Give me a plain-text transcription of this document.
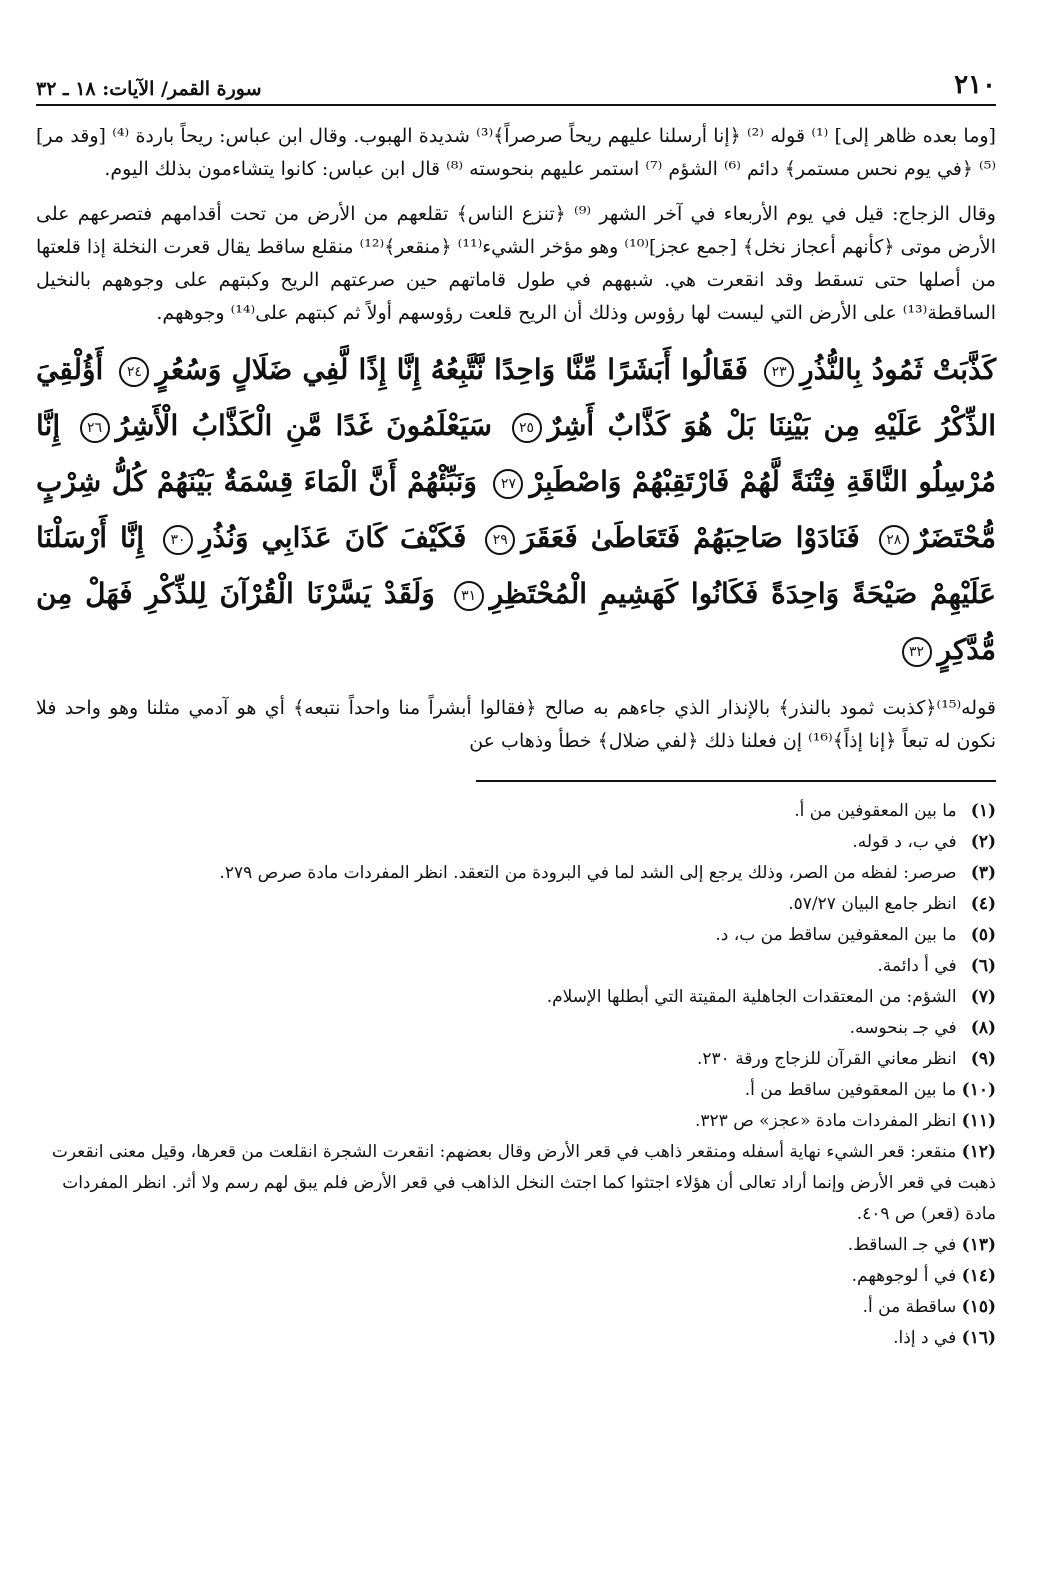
٢١٠
سورة القمر/ الآيات: ١٨ ـ ٣٢

[وما بعده ظاهر إلى] ⁽¹⁾ قوله ⁽²⁾ ﴿إنا أرسلنا عليهم ريحاً صرصراً﴾⁽³⁾ شديدة الهبوب. وقال ابن عباس: ريحاً باردة ⁽⁴⁾ [وقد مر] ⁽⁵⁾ ﴿في يوم نحس مستمر﴾ دائم ⁽⁶⁾ الشؤم ⁽⁷⁾ استمر عليهم بنحوسته ⁽⁸⁾ قال ابن عباس: كانوا يتشاءمون بذلك اليوم.

وقال الزجاج: قيل في يوم الأربعاء في آخر الشهر ⁽⁹⁾ ﴿تنزع الناس﴾ تقلعهم من الأرض من تحت أقدامهم فتصرعهم على الأرض موتى ﴿كأنهم أعجاز نخل﴾ [جمع عجز]⁽¹⁰⁾ وهو مؤخر الشيء⁽¹¹⁾ ﴿منقعر﴾⁽¹²⁾ منقلع ساقط يقال قعرت النخلة إذا قلعتها من أصلها حتى تسقط وقد انقعرت هي. شبههم في طول قاماتهم حين صرعتهم الريح وكبتهم على وجوههم بالنخيل الساقطة⁽¹³⁾ على الأرض التي ليست لها رؤوس وذلك أن الريح قلعت رؤوسهم أولاً ثم كبتهم على⁽¹⁴⁾ وجوههم.

كَذَّبَتْ ثَمُودُ بِالنُّذُرِ٢٣ فَقَالُوا أَبَشَرًا مِّنَّا وَاحِدًا نَّتَّبِعُهُ إِنَّا إِذًا لَّفِي ضَلَالٍ وَسُعُرٍ٢٤ أَؤُلْقِيَ الذِّكْرُ عَلَيْهِ مِن بَيْنِنَا بَلْ هُوَ كَذَّابٌ أَشِرٌ٢٥ سَيَعْلَمُونَ غَدًا مَّنِ الْكَذَّابُ الْأَشِرُ٢٦ إِنَّا مُرْسِلُو النَّاقَةِ فِتْنَةً لَّهُمْ فَارْتَقِبْهُمْ وَاصْطَبِرْ٢٧ وَنَبِّئْهُمْ أَنَّ الْمَاءَ قِسْمَةٌ بَيْنَهُمْ كُلُّ شِرْبٍ مُّحْتَضَرٌ٢٨ فَنَادَوْا صَاحِبَهُمْ فَتَعَاطَىٰ فَعَقَرَ٢٩ فَكَيْفَ كَانَ عَذَابِي وَنُذُرِ٣٠ إِنَّا أَرْسَلْنَا عَلَيْهِمْ صَيْحَةً وَاحِدَةً فَكَانُوا كَهَشِيمِ الْمُحْتَظِرِ٣١ وَلَقَدْ يَسَّرْنَا الْقُرْآنَ لِلذِّكْرِ فَهَلْ مِن مُّدَّكِرٍ٣٢

قوله⁽¹⁵⁾﴿كذبت ثمود بالنذر﴾ بالإنذار الذي جاءهم به صالح ﴿فقالوا أبشراً منا واحداً نتبعه﴾ أي هو آدمي مثلنا وهو واحد فلا نكون له تبعاً ﴿إنا إذاً﴾⁽¹⁶⁾ إن فعلنا ذلك ﴿لفي ضلال﴾ خطأ وذهاب عن

(١) ما بين المعقوفين من أ.
(٢) في ب، د قوله.
(٣) صرصر: لفظه من الصر، وذلك يرجع إلى الشد لما في البرودة من التعقد. انظر المفردات مادة صرص ٢٧٩.
(٤) انظر جامع البيان ٥٧/٢٧.
(٥) ما بين المعقوفين ساقط من ب، د.
(٦) في أ دائمة.
(٧) الشؤم: من المعتقدات الجاهلية المقيتة التي أبطلها الإسلام.
(٨) في جـ بنحوسه.
(٩) انظر معاني القرآن للزجاج ورقة ٢٣٠.
(١٠) ما بين المعقوفين ساقط من أ.
(١١) انظر المفردات مادة «عجز» ص ٣٢٣.
(١٢) منقعر: قعر الشيء نهاية أسفله ومنقعر ذاهب في قعر الأرض وقال بعضهم: انقعرت الشجرة انقلعت من قعرها، وقيل معنى انقعرت ذهبت في قعر الأرض وإنما أراد تعالى أن هؤلاء اجتثوا كما اجتث النخل الذاهب في قعر الأرض فلم يبق لهم رسم ولا أثر. انظر المفردات مادة (قعر) ص ٤٠٩.
(١٣) في جـ الساقط.
(١٤) في أ لوجوههم.
(١٥) ساقطة من أ.
(١٦) في د إذا.
